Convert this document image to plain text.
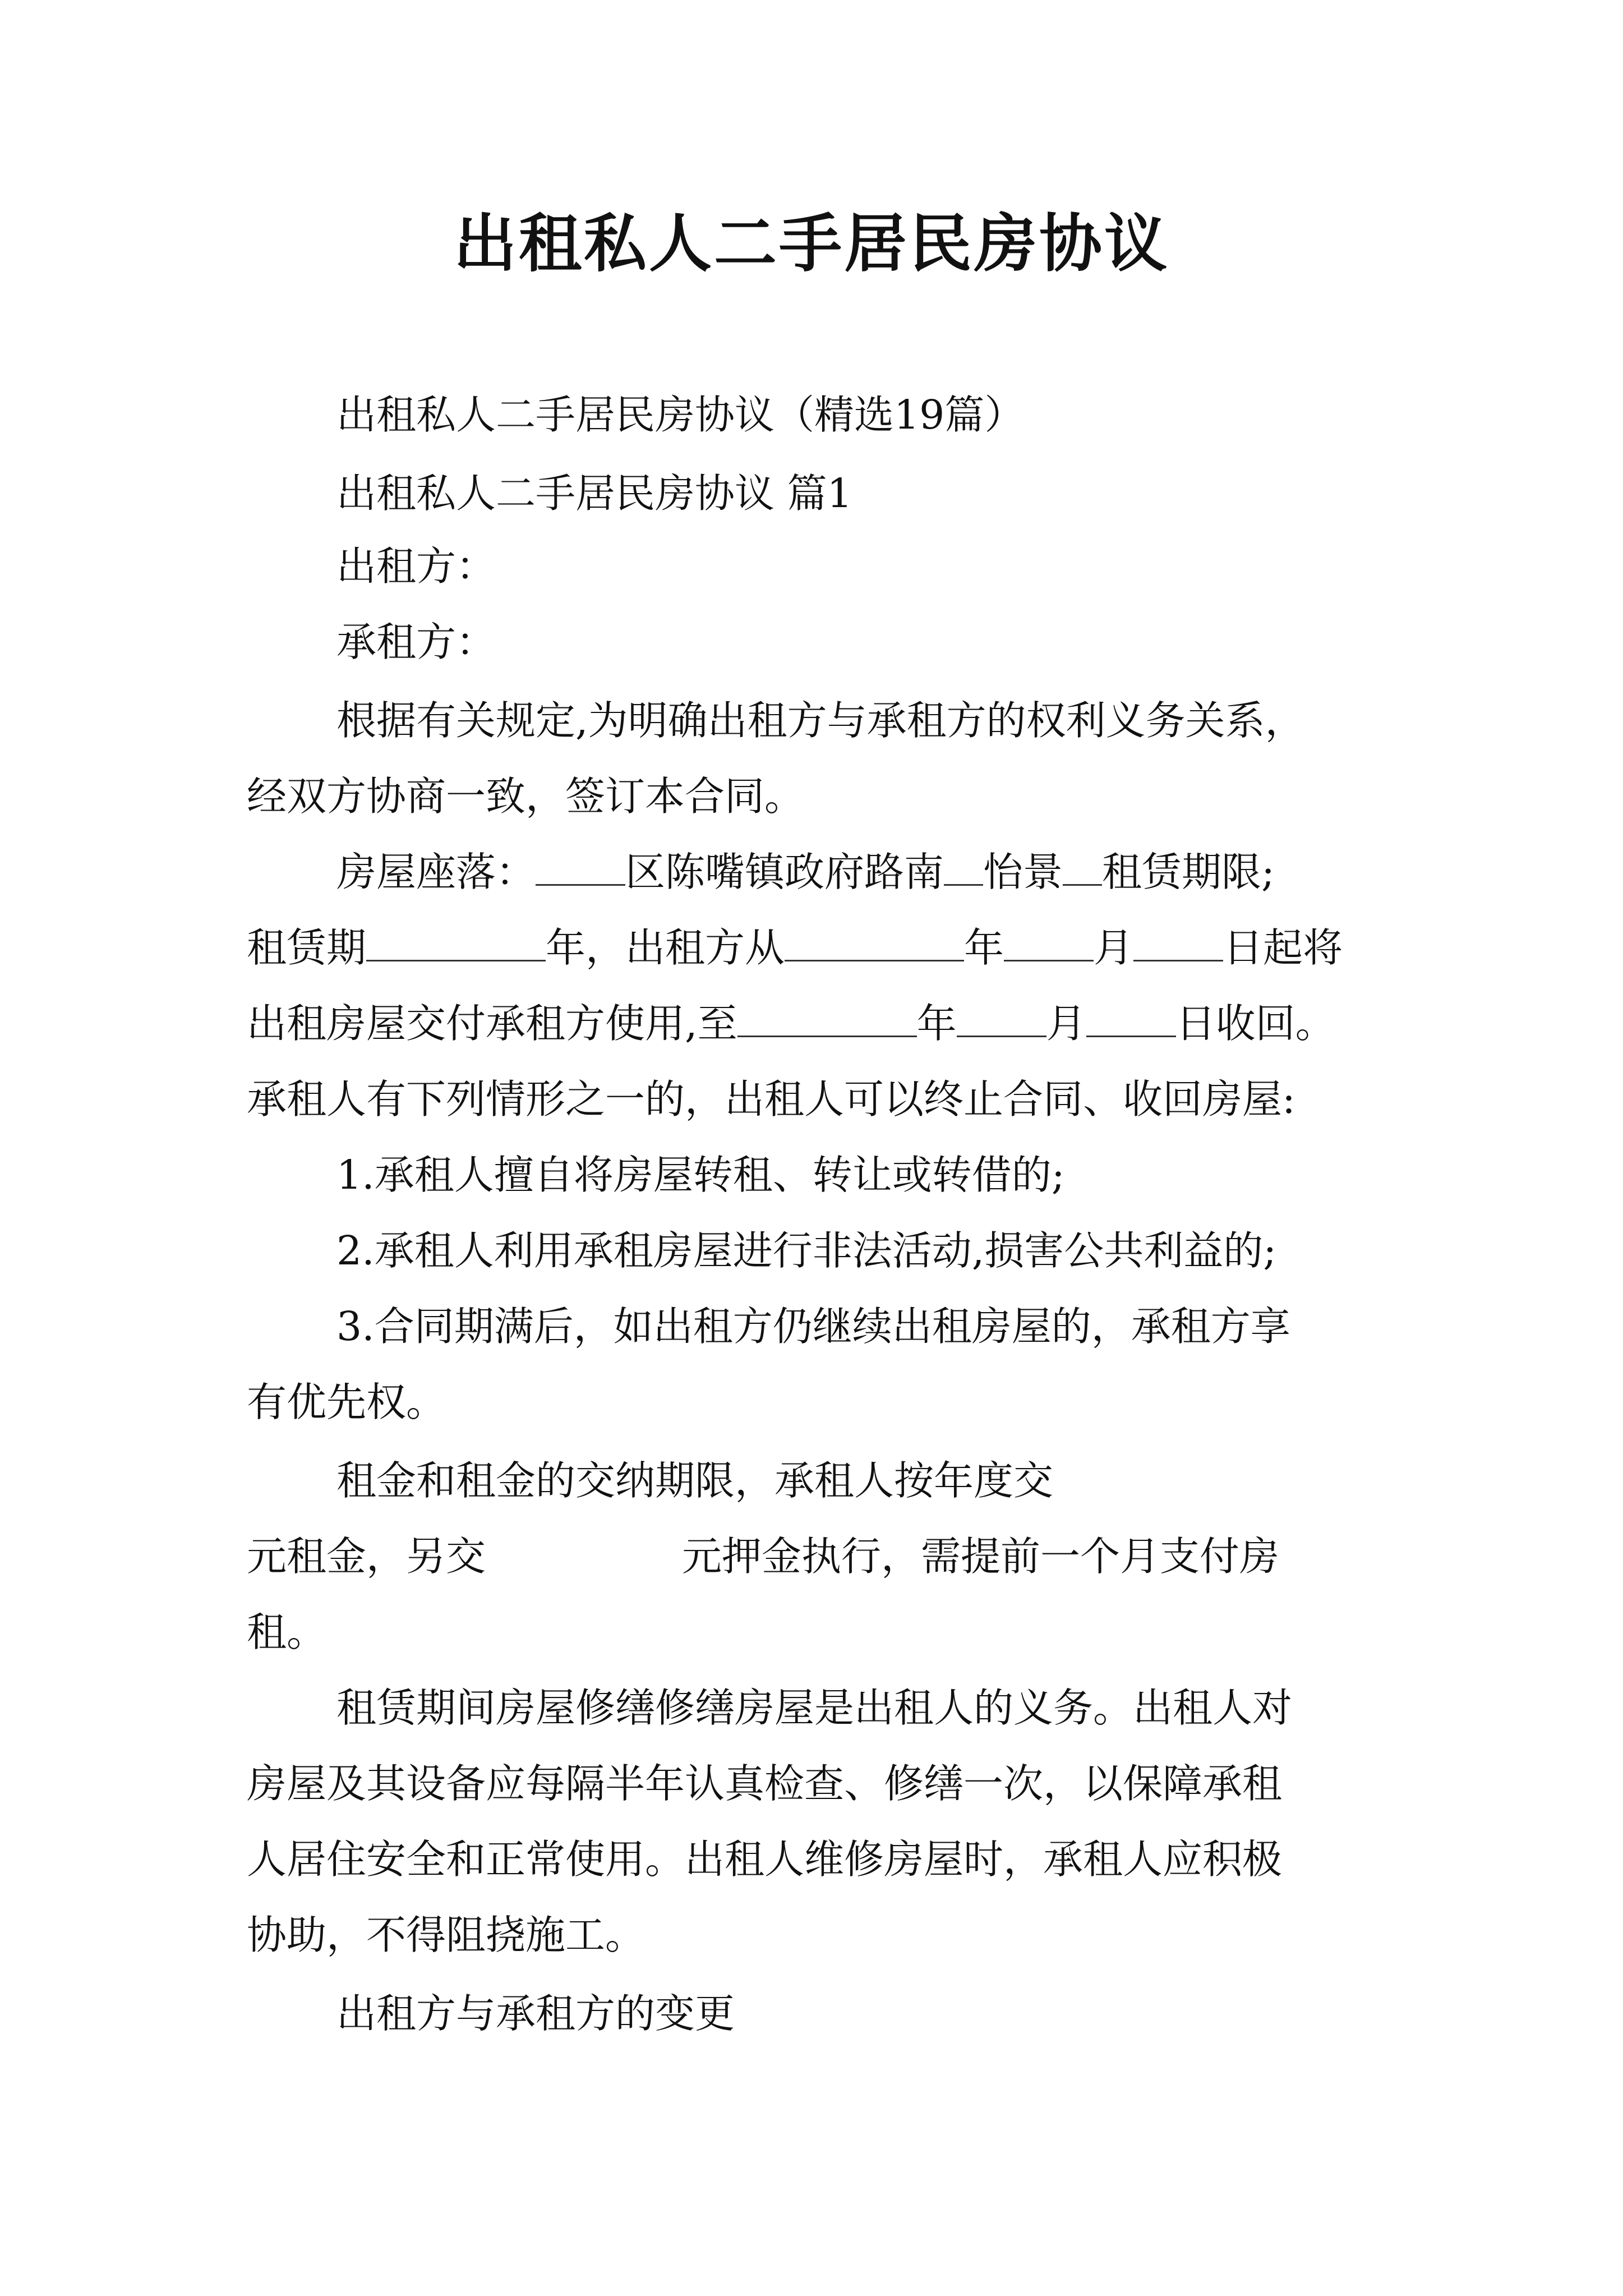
出租私人二手居民房协议
出租私人二手居民房协议（精选19篇）
出租私人二手居民房协议 篇1
出租方：
承租方：
根据有关规定,为明确出租方与承租方的权利义务关系，
经双方协商一致，签订本合同。
房屋座落： 区陈嘴镇政府路南 怡景 租赁期限;
租赁期	年，出租方从	年 月 日起将
出租房屋交付承租方使用,至	年 月 日收回。
承租人有下列情形之一的，出租人可以终止合同、收回房屋:
1.承租人擅自将房屋转租、转让或转借的;
2.承租人利用承租房屋进行非法活动,损害公共利益的;
3.合同期满后，如出租方仍继续出租房屋的，承租方享
有优先权。
租金和租金的交纳期限，承租人按年度交
元租金，另交	元押金执行，需提前一个月支付房
租。
租赁期间房屋修缮修缮房屋是出租人的义务。出租人对
房屋及其设备应每隔半年认真检查、修缮一次，以保障承租
人居住安全和正常使用。出租人维修房屋时，承租人应积极
协助，不得阻挠施工。
出租方与承租方的变更
